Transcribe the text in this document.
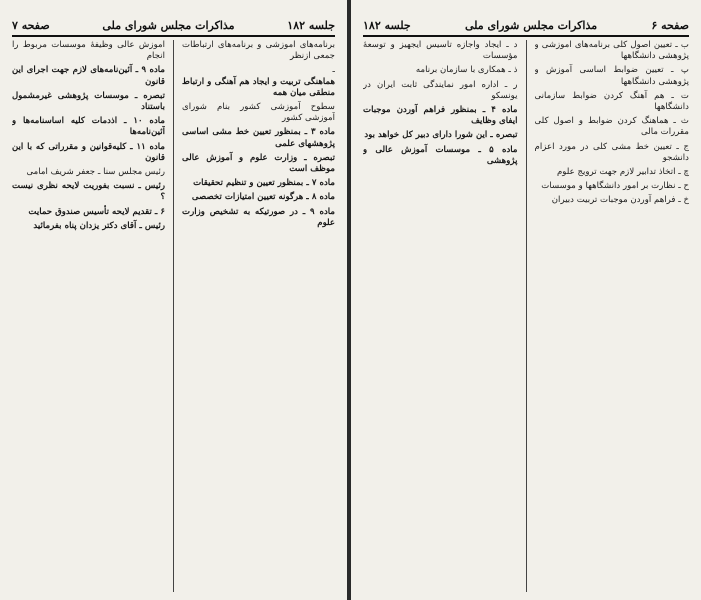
جلسه ۱۸۲
مذاکرات مجلس شورای ملی
صفحه ۷

برنامه‌های آموزشی و برنامه‌های ارتباطات جمعی ازنظر

ـ

هماهنگی تربیت و ایجاد هم آهنگی و ارتباط منطقی میان همه

سطوح آموزشی کشور بنام شورای آموزشی کشور

ماده ۳ ـ بمنظور تعیین خط مشی اساسی پژوهشهای علمی

تبصره ـ وزارت علوم و آموزش عالی موظف است

ماده ۷ ـ بمنظور تعیین و تنظیم تحقیقات

ماده ۸ ـ هرگونه تعیین امتیازات تخصصی

ماده ۹ ـ در صورتیکه به تشخیص وزارت علوم

آموزش عالی وظیفهٔ موسسات مربوط را انجام

ماده ۹ ـ آئین‌نامه‌های لازم جهت اجرای این قانون

تبصره ـ موسسات پژوهشی غیرمشمول باستناد

ماده ۱۰ ـ اذدمات کلیه اساسنامه‌ها و آئین‌نامه‌ها

ماده ۱۱ ـ کلیه‌قوانین و مقرراتی که با این قانون

رئیس مجلس سنا ـ جعفر شریف امامی

رئیس ـ نسبت بفوریت لایحه نظری نیست ؟

۶ ـ تقدیم لایحه تأسیس صندوق حمایت

رئیس ـ آقای دکتر یزدان پناه بفرمائید

صفحه ۶
مذاکرات مجلس شورای ملی
جلسه ۱۸۲

ب ـ تعیین اصول کلی برنامه‌های آموزشی و پژوهشی دانشگاهها

پ ـ تعیین ضوابط اساسی آموزش و پژوهشی دانشگاهها

ت ـ هم آهنگ کردن ضوابط سازمانی دانشگاهها

ث ـ هماهنگ کردن ضوابط و اصول کلی مقررات مالی

ج ـ تعیین خط مشی کلی در مورد اعزام دانشجو

چ ـ اتخاذ تدابیر لازم جهت ترویج علوم

ح ـ نظارت بر امور دانشگاهها و موسسات

خ ـ فراهم آوردن موجبات تربیت دبیران

د ـ ایجاد واجازه تأسیس ایجهیز و توسعهٔ مؤسسات

ذ ـ همکاری با سازمان برنامه

ر ـ اداره امور نمایندگی ثابت ایران در یونسکو

ماده ۴ ـ بمنظور فراهم آوردن موجبات ایفای وظایف

تبصره ـ این شورا دارای دبیر کل خواهد بود

ماده ۵ ـ موسسات آموزش عالی و پژوهشی
